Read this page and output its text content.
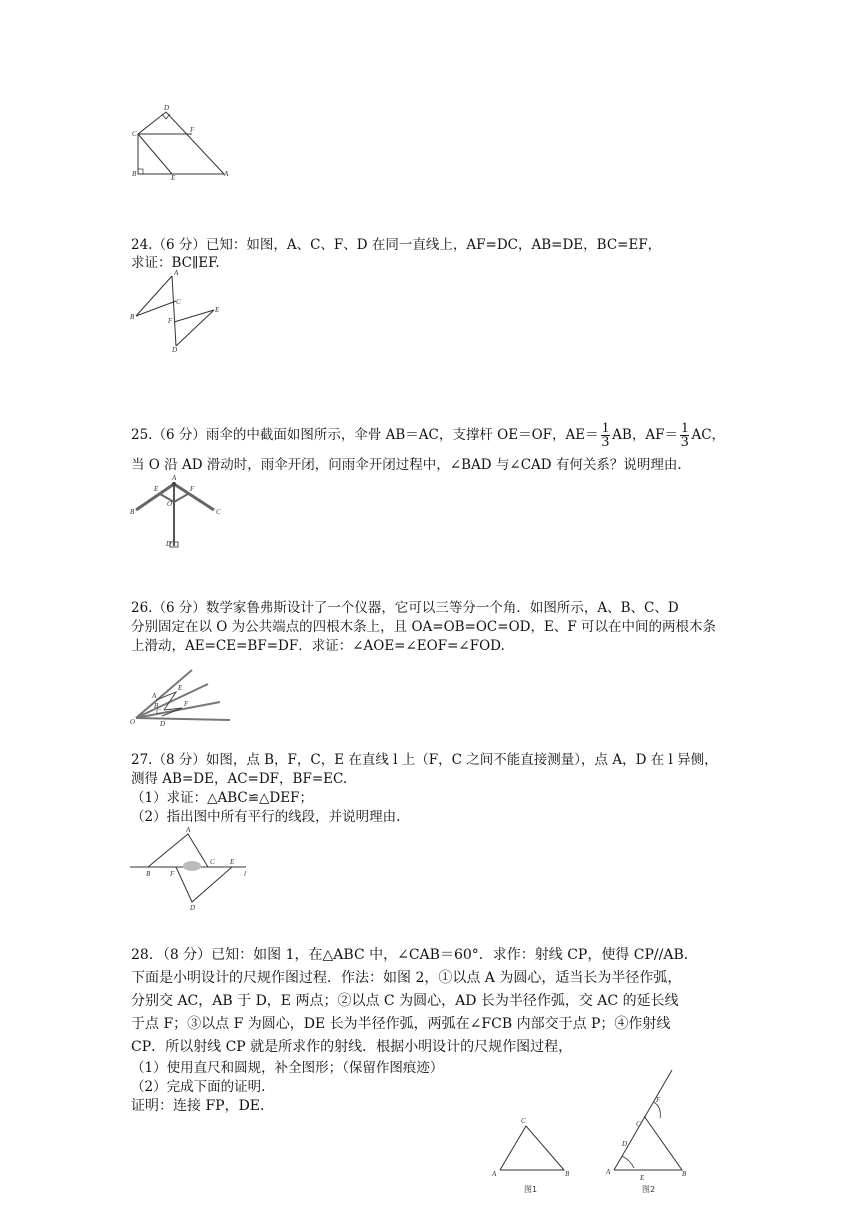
D
C	F
B	E	A
24.（6 分）已知：如图，A、C、F、D 在同一直线上，AF=DC，AB=DE，BC=EF，
求证：BC∥EF.
A
C
B	F
E
D
25.（6 分）雨伞的中截面如图所示，伞骨 AB＝AC，支撑杆 OE＝OF，$AE= \frac{1}{3}$ AB，$AF= \frac{1}{3}$ AC，
当 O 沿 AD 滑动时，雨伞开闭，问雨伞开闭过程中，∠BAD 与∠CAD 有何关系？说明理由.
A
E	F
O
B	C
D
26.（6 分）数学家鲁弗斯设计了一个仪器，它可以三等分一个角．如图所示，A、B、C、D
分别固定在以 O 为公共端点的四根木条上，且 OA=OB=OC=OD，E、F 可以在中间的两根木条
上滑动，AE=CE=BF=DF．求证：∠AOE=∠EOF=∠FOD.
A
E
B
C
F
O	D
27.（8 分）如图，点 B，F，C，E 在直线 l 上（F，C 之间不能直接测量），点 A，D 在 l 异侧，
测得 AB=DE，AC=DF，BF=EC.
（1）求证：△ABC≌△DEF；
（2）指出图中所有平行的线段，并说明理由.
A
B	F
C E
l
D
28．（8 分）已知：如图 1，在△ABC 中，∠CAB＝60°．求作：射线 CP，使得 CP//AB．
下面是小明设计的尺规作图过程．作法：如图 2，①以点 A 为圆心，适当长为半径作弧，
分别交 AC，AB 于 D，E 两点；②以点 C 为圆心，AD 长为半径作弧，交 AC 的延长线
于点 F；③以点 F 为圆心，DE 长为半径作弧，两弧在∠FCB 内部交于点 P；④作射线
CP．所以射线 CP 就是所求作的射线．根据小明设计的尺规作图过程，
（1）使用直尺和圆规，补全图形；（保留作图痕迹）
（2）完成下面的证明.
证明：连接 FP，DE．
C
A	B
图1
F
C
D
A
E	B
图2
